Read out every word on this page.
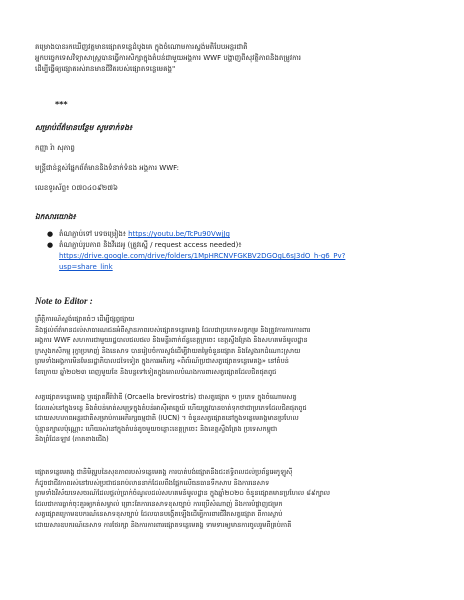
គម្រោងបានរកឃើញវត្តមានផ្សោតទន្លេដំបូងគេ ក្នុងចំណោមការស្ទង់មតិបែបអន្តរជាតិ

អ្នកបច្ចេកទេសវិទ្យាសាស្ត្របានធ្វើការសិក្សាក្នុងតំបន់ជាមួយអង្គការ WWF បង្ហាញពីសុវត្ថិភាពនិងតម្រូវការ

ដើម្បីធ្វើឲ្យផ្សោតរស់រានមានជីវិតរបស់ផ្សោតទន្លេមេគង្គ"

***

សម្រាប់ព័ត៌មានបន្ថែម សូមទាក់ទង៖

កញ្ញា រ៉ា សុភាព្វ

មន្ត្រីជាន់ខ្ពស់ផ្នែកព័ត៌មាននិងទំនាក់ទំនង អង្គការ WWF:

លេខទូរស័ព្ទ៖ ០៧០៤០៩២៧៦

ឯកសារយោង៖

● តំណភ្ជាប់ទៅ បទចម្រៀង៖ https://youtu.be/TcPu90VwjJg
● តំណភ្ជាប់រូបភាព និងវីដេអូ (ត្រូវស្នើ / request access needed)៖
https://drive.google.com/drive/folders/1MpHRCNVFGKBV2DGOgL6sJ3dO_h-g6_Pv?
usp=share_link

Note to Editor :

ព្រឹត្តិការណ៍ស្ទង់ផ្សោតធំៗ ដើម្បីផ្សព្វផ្សាយ
និងផ្តល់ព័ត៌មានដល់សាធារណជនអំពីស្ថានភាពរបស់ផ្សោតទន្លេមេគង្គ ដែលជាប្រភេទសត្វកម្រ និងត្រូវការការការពារ
អង្គការ WWF សហការជាមួយរដ្ឋបាលជលផល និងមន្ទីរពាក់ព័ន្ធខេត្តក្រចេះ ខេត្តស្ទឹងត្រែង និងសហគមន៍មូលដ្ឋាន
ក្រសួងកសិកម្ម រុក្ខាប្រមាញ់ និងនេសាទ បានរៀបចំការស្ទង់ដើម្បីវាយតម្លៃចំនួនផ្សោត និងស្វែងរកដំណោះស្រាយ
ព្រមទាំងអង្គការមិនមែនរដ្ឋាភិបាលដទៃទៀត ក្នុងការអភិរក្ស «ពិព័រណ៍ប្រជាសត្វផ្សោតទន្លេមេគង្គ» នៅតំបន់
ខែក្រោយ ឆ្នាំ២០២៣ ពេញមួយខែ និងបន្តទៅទៀតក្នុងគោលបំណងការពារសត្វផ្សោតដែលជិតផុតពូជ
សត្វផ្សោតទន្លេមេគង្គ ឬផ្សោតអ៊ីរ៉ាវ៉ាឌី (Orcaella brevirostris) ជាសត្វផ្សោត ១ ប្រភេទ ក្នុងចំណោមសត្វ
ដែលរស់នៅក្នុងទន្លេ និងតំបន់មាត់សមុទ្រក្នុងតំបន់អាស៊ីអាគ្នេយ៍ ហើយត្រូវបានចាត់ទុកថាជាប្រភេទដែលជិតផុតពូជ
ដោយសហភាពអន្តរជាតិសម្រាប់ការអភិរក្សធម្មជាតិ (IUCN) ។ ចំនួនសត្វផ្សោតនៅក្នុងទន្លេមេគង្គមានប្រហែល
ប៉ុន្មានក្បាលប៉ុណ្ណោះ ហើយរស់នៅក្នុងតំបន់តូចមួយចន្លោះខេត្តក្រចេះ និងខេត្តស្ទឹងត្រែង ប្រទេសកម្ពុជា
និងព្រំដែនឡាវ (ភាគខាងជើង)
ផ្សោតទន្លេមេគង្គ ជានិមិត្តរូបនៃសុខភាពរបស់ទន្លេមេគង្គ ការបាត់បង់ផ្សោតនឹងជះឥទ្ធិពលដល់ប្រព័ន្ធអេកូឡូស៊ី
ក៏ដូចជាជីវភាពរស់នៅរបស់ប្រជាជនរាប់លាននាក់ដែលពឹងផ្អែកលើធនធានទឹកសាប និងការនេសាទ
ព្រមទាំងវិស័យទេសចរណ៍ដែលផ្តល់ប្រាក់ចំណូលដល់សហគមន៍មូលដ្ឋាន ក្នុងឆ្នាំ២០២០ ចំនួនផ្សោតមានប្រហែល ៨៩ក្បាល
ដែលជាការធ្លាក់ចុះគួរឲ្យកត់សម្គាល់ ព្រោះតែការនេសាទខុសច្បាប់ ការប្រើសំណាញ់ និងការបំផ្លាញជម្រក
សត្វផ្សោតក្រោមឧបករណ៍នេសាទខុសច្បាប់ ដែលបានបង្កើតឡើងដើម្បីការពារជីវិតសត្វផ្សោត ពីការស្លាប់
ដោយសារឧបករណ៍នេសាទ ការថែរក្សា និងការការពារផ្សោតទន្លេមេគង្គ ទាមទារឲ្យមានការចូលរួមពីគ្រប់ភាគី
